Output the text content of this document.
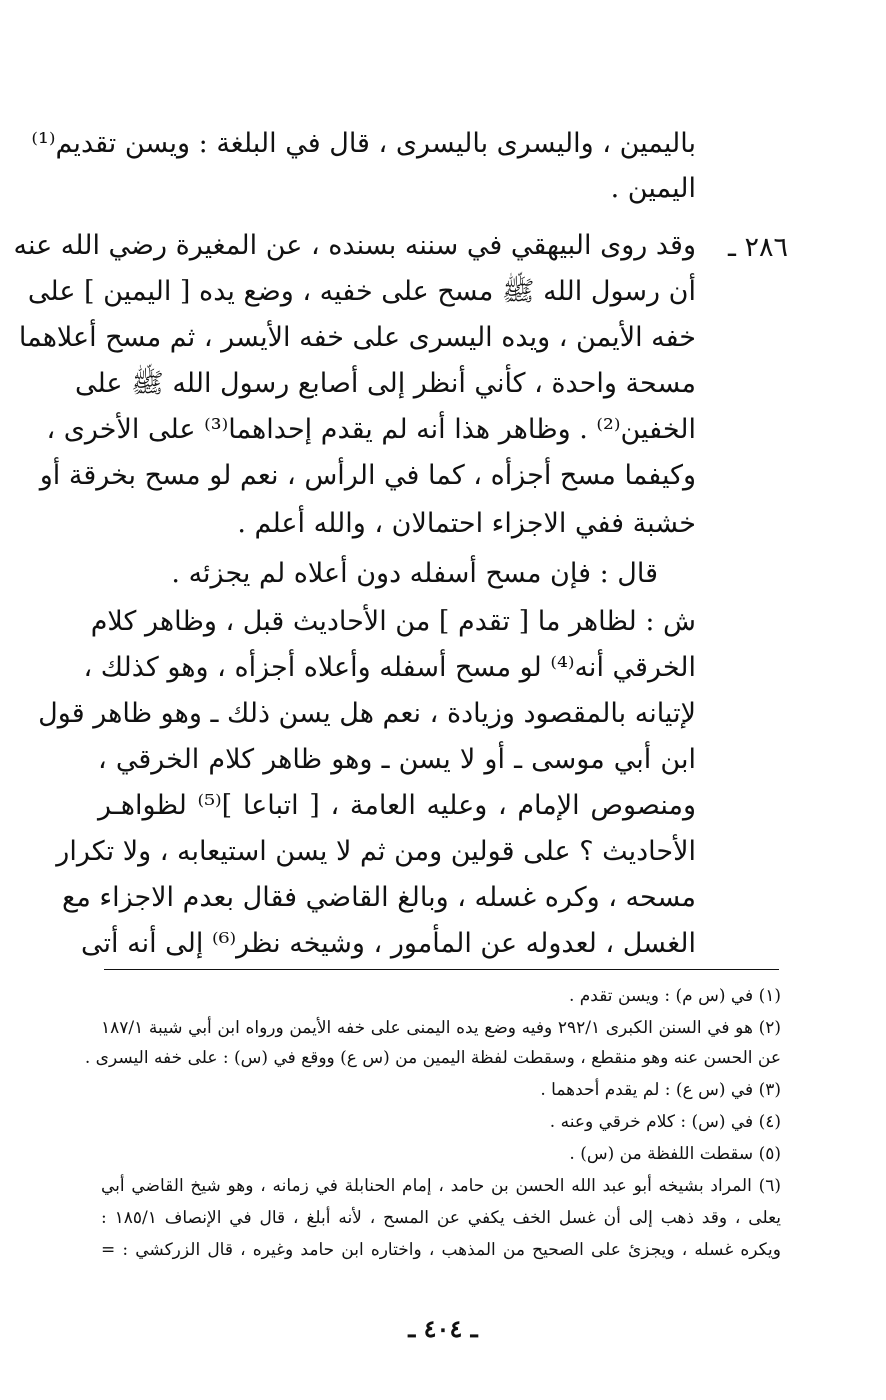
باليمين ، واليسرى باليسرى ، قال في البلغة : ويسن تقديم⁽¹⁾
اليمين .
٢٨٦ ـ
وقد روى البيهقي في سننه بسنده ، عن المغيرة رضي الله عنه
أن رسول الله ﷺ مسح على خفيه ، وضع يده [ اليمين ] على
خفه الأيمن ، ويده اليسرى على خفه الأيسر ، ثم مسح أعلاهما
مسحة واحدة ، كأني أنظر إلى أصابع رسول الله ﷺ على
الخفين⁽²⁾ . وظاهر هذا أنه لم يقدم إحداهما⁽³⁾ على الأخرى ،
وكيفما مسح أجزأه ، كما في الرأس ، نعم لو مسح بخرقة أو
خشبة ففي الاجزاء احتمالان ، والله أعلم .
قال : فإن مسح أسفله دون أعلاه لم يجزئه .
ش : لظاهر ما [ تقدم ] من الأحاديث قبل ، وظاهر كلام
الخرقي أنه⁽⁴⁾ لو مسح أسفله وأعلاه أجزأه ، وهو كذلك ،
لإتيانه بالمقصود وزيادة ، نعم هل يسن ذلك ـ وهو ظاهر قول
ابن أبي موسى ـ أو لا يسن ـ وهو ظاهر كلام الخرقي ،
ومنصوص الإمام ، وعليه العامة ، [ اتباعا ]⁽⁵⁾ لظواهـر
الأحاديث ؟ على قولين ومن ثم لا يسن استيعابه ، ولا تكرار
مسحه ، وكره غسله ، وبالغ القاضي فقال بعدم الاجزاء مع
الغسل ، لعدوله عن المأمور ، وشيخه نظر⁽⁶⁾ إلى أنه أتى
(١) في (س م) : ويسن تقدم .
(٢) هو في السنن الكبرى ٢٩٢/١ وفيه وضع يده اليمنى على خفه الأيمن ورواه ابن أبي شيبة ١٨٧/١
عن الحسن عنه وهو منقطع ، وسقطت لفظة اليمين من (س ع) ووقع في (س) : على خفه اليسرى .
(٣) في (س ع) : لم يقدم أحدهما .
(٤) في (س) : كلام خرقي وعنه .
(٥) سقطت اللفظة من (س) .
(٦) المراد بشيخه أبو عبد الله الحسن بن حامد ، إمام الحنابلة في زمانه ، وهو شيخ القاضي أبي
يعلى ، وقد ذهب إلى أن غسل الخف يكفي عن المسح ، لأنه أبلغ ، قال في الإنصاف ١٨٥/١ :
ويكره غسله ، ويجزئ على الصحيح من المذهب ، واختاره ابن حامد وغيره ، قال الزركشي : =
ـ ٤٠٤ ـ
